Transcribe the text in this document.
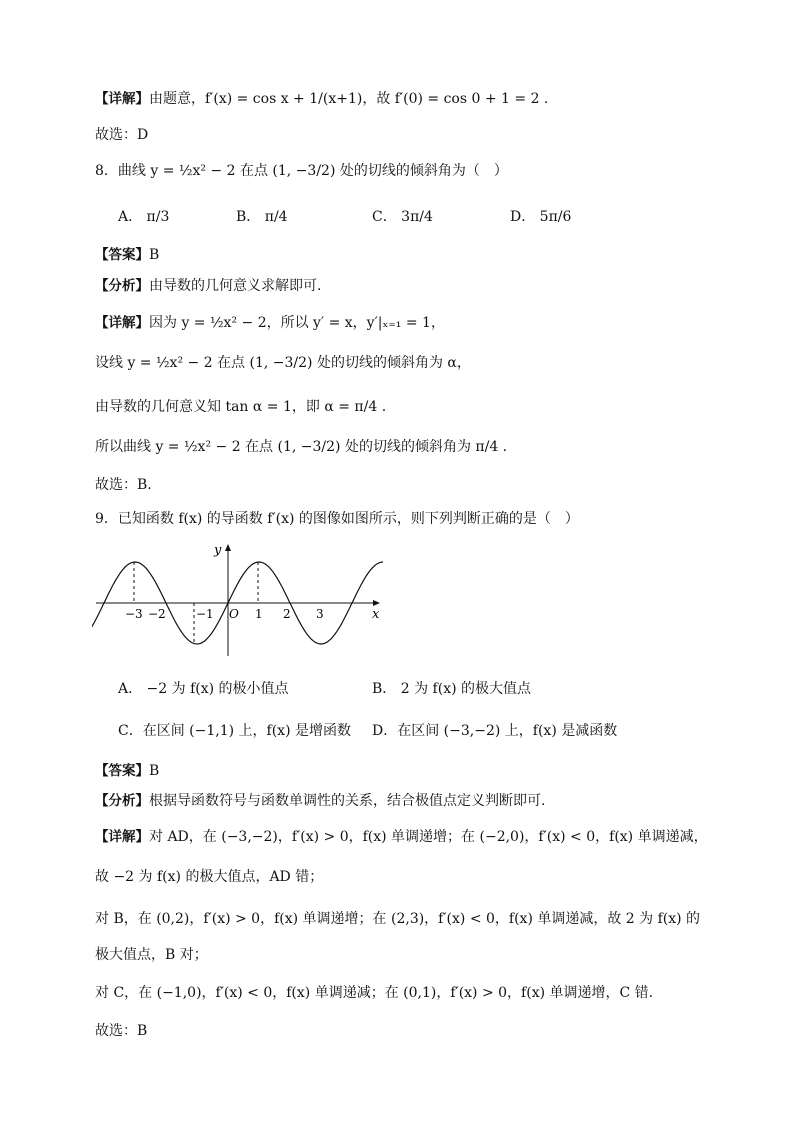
【详解】由题意，f′(x) = cos x + 1/(x+1)，故 f′(0) = cos 0 + 1 = 2 .
故选：D
8．曲线 y = ½x² − 2 在点 (1, −3/2) 处的切线的倾斜角为（　）
A． π/3	B． π/4	C． 3π/4	D． 5π/6
【答案】B
【分析】由导数的几何意义求解即可.
【详解】因为 y = ½x² − 2，所以 y′ = x，y′|ₓ₌₁ = 1，
设线 y = ½x² − 2 在点 (1, −3/2) 处的切线的倾斜角为 α，
由导数的几何意义知 tan α = 1，即 α = π/4 .
所以曲线 y = ½x² − 2 在点 (1, −3/2) 处的切线的倾斜角为 π/4 .
故选：B.
9．已知函数 f(x) 的导函数 f′(x) 的图像如图所示，则下列判断正确的是（　）
y
x
O
−3 −2	−1	1 2 3
A． −2 为 f(x) 的极小值点	B． 2 为 f(x) 的极大值点
C．在区间 (−1,1) 上，f(x) 是增函数 D．在区间 (−3,−2) 上，f(x) 是减函数
【答案】B
【分析】根据导函数符号与函数单调性的关系，结合极值点定义判断即可.
【详解】对 AD，在 (−3,−2)，f′(x) > 0，f(x) 单调递增；在 (−2,0)，f′(x) < 0，f(x) 单调递减，
故 −2 为 f(x) 的极大值点，AD 错；
对 B，在 (0,2)，f′(x) > 0，f(x) 单调递增；在 (2,3)，f′(x) < 0，f(x) 单调递减，故 2 为 f(x) 的
极大值点，B 对；
对 C，在 (−1,0)，f′(x) < 0，f(x) 单调递减；在 (0,1)，f′(x) > 0，f(x) 单调递增，C 错.
故选：B
